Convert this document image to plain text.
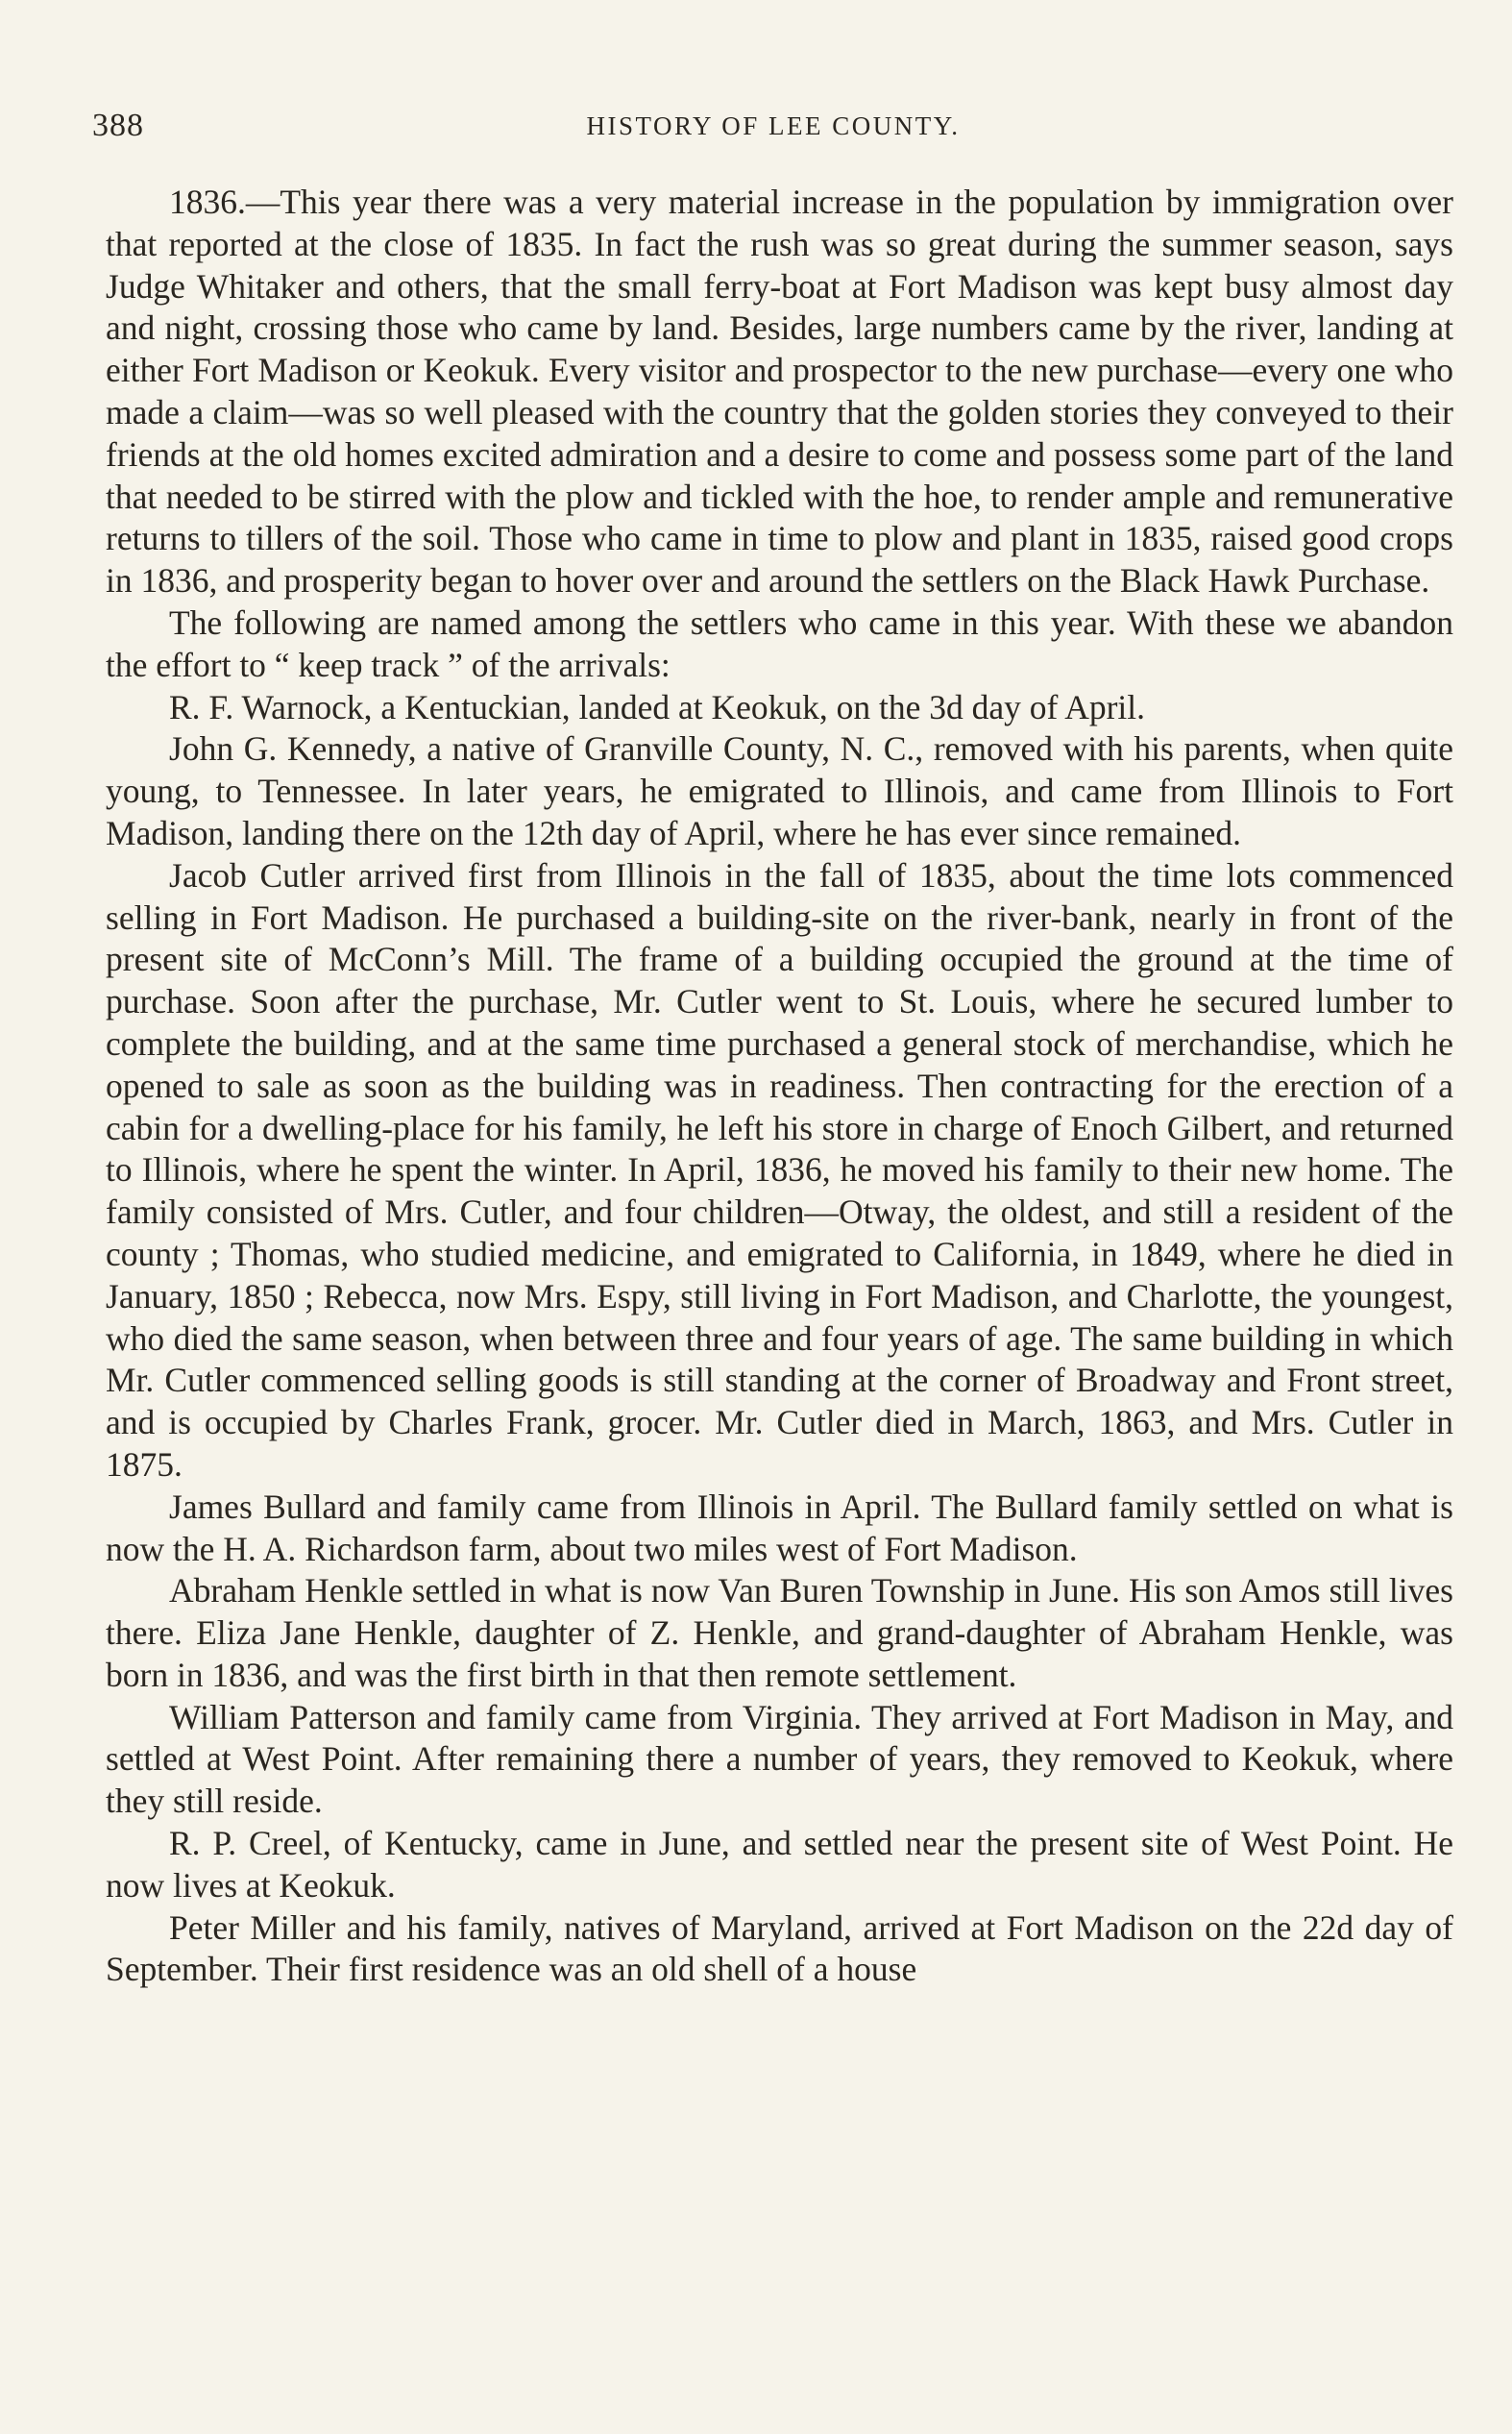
388	HISTORY OF LEE COUNTY.

1836.—This year there was a very material increase in the population by immigration over that reported at the close of 1835. In fact the rush was so great during the summer season, says Judge Whitaker and others, that the small ferry-boat at Fort Madison was kept busy almost day and night, crossing those who came by land. Besides, large numbers came by the river, landing at either Fort Madison or Keokuk. Every visitor and prospector to the new purchase—every one who made a claim—was so well pleased with the country that the golden stories they conveyed to their friends at the old homes excited admiration and a desire to come and possess some part of the land that needed to be stirred with the plow and tickled with the hoe, to render ample and remunerative returns to tillers of the soil. Those who came in time to plow and plant in 1835, raised good crops in 1836, and prosperity began to hover over and around the settlers on the Black Hawk Purchase.

The following are named among the settlers who came in this year. With these we abandon the effort to “ keep track ” of the arrivals:

R. F. Warnock, a Kentuckian, landed at Keokuk, on the 3d day of April.

John G. Kennedy, a native of Granville County, N. C., removed with his parents, when quite young, to Tennessee. In later years, he emigrated to Illinois, and came from Illinois to Fort Madison, landing there on the 12th day of April, where he has ever since remained.

Jacob Cutler arrived first from Illinois in the fall of 1835, about the time lots commenced selling in Fort Madison. He purchased a building-site on the river-bank, nearly in front of the present site of McConn’s Mill. The frame of a building occupied the ground at the time of purchase. Soon after the purchase, Mr. Cutler went to St. Louis, where he secured lumber to complete the building, and at the same time purchased a general stock of merchandise, which he opened to sale as soon as the building was in readiness. Then contracting for the erection of a cabin for a dwelling-place for his family, he left his store in charge of Enoch Gilbert, and returned to Illinois, where he spent the winter. In April, 1836, he moved his family to their new home. The family consisted of Mrs. Cutler, and four children—Otway, the oldest, and still a resident of the county ; Thomas, who studied medicine, and emigrated to California, in 1849, where he died in January, 1850 ; Rebecca, now Mrs. Espy, still living in Fort Madison, and Charlotte, the youngest, who died the same season, when between three and four years of age. The same building in which Mr. Cutler commenced selling goods is still standing at the corner of Broadway and Front street, and is occupied by Charles Frank, grocer. Mr. Cutler died in March, 1863, and Mrs. Cutler in 1875.

James Bullard and family came from Illinois in April. The Bullard family settled on what is now the H. A. Richardson farm, about two miles west of Fort Madison.

Abraham Henkle settled in what is now Van Buren Township in June. His son Amos still lives there. Eliza Jane Henkle, daughter of Z. Henkle, and grand-daughter of Abraham Henkle, was born in 1836, and was the first birth in that then remote settlement.

William Patterson and family came from Virginia. They arrived at Fort Madison in May, and settled at West Point. After remaining there a number of years, they removed to Keokuk, where they still reside.

R. P. Creel, of Kentucky, came in June, and settled near the present site of West Point. He now lives at Keokuk.

Peter Miller and his family, natives of Maryland, arrived at Fort Madison on the 22d day of September. Their first residence was an old shell of a house
